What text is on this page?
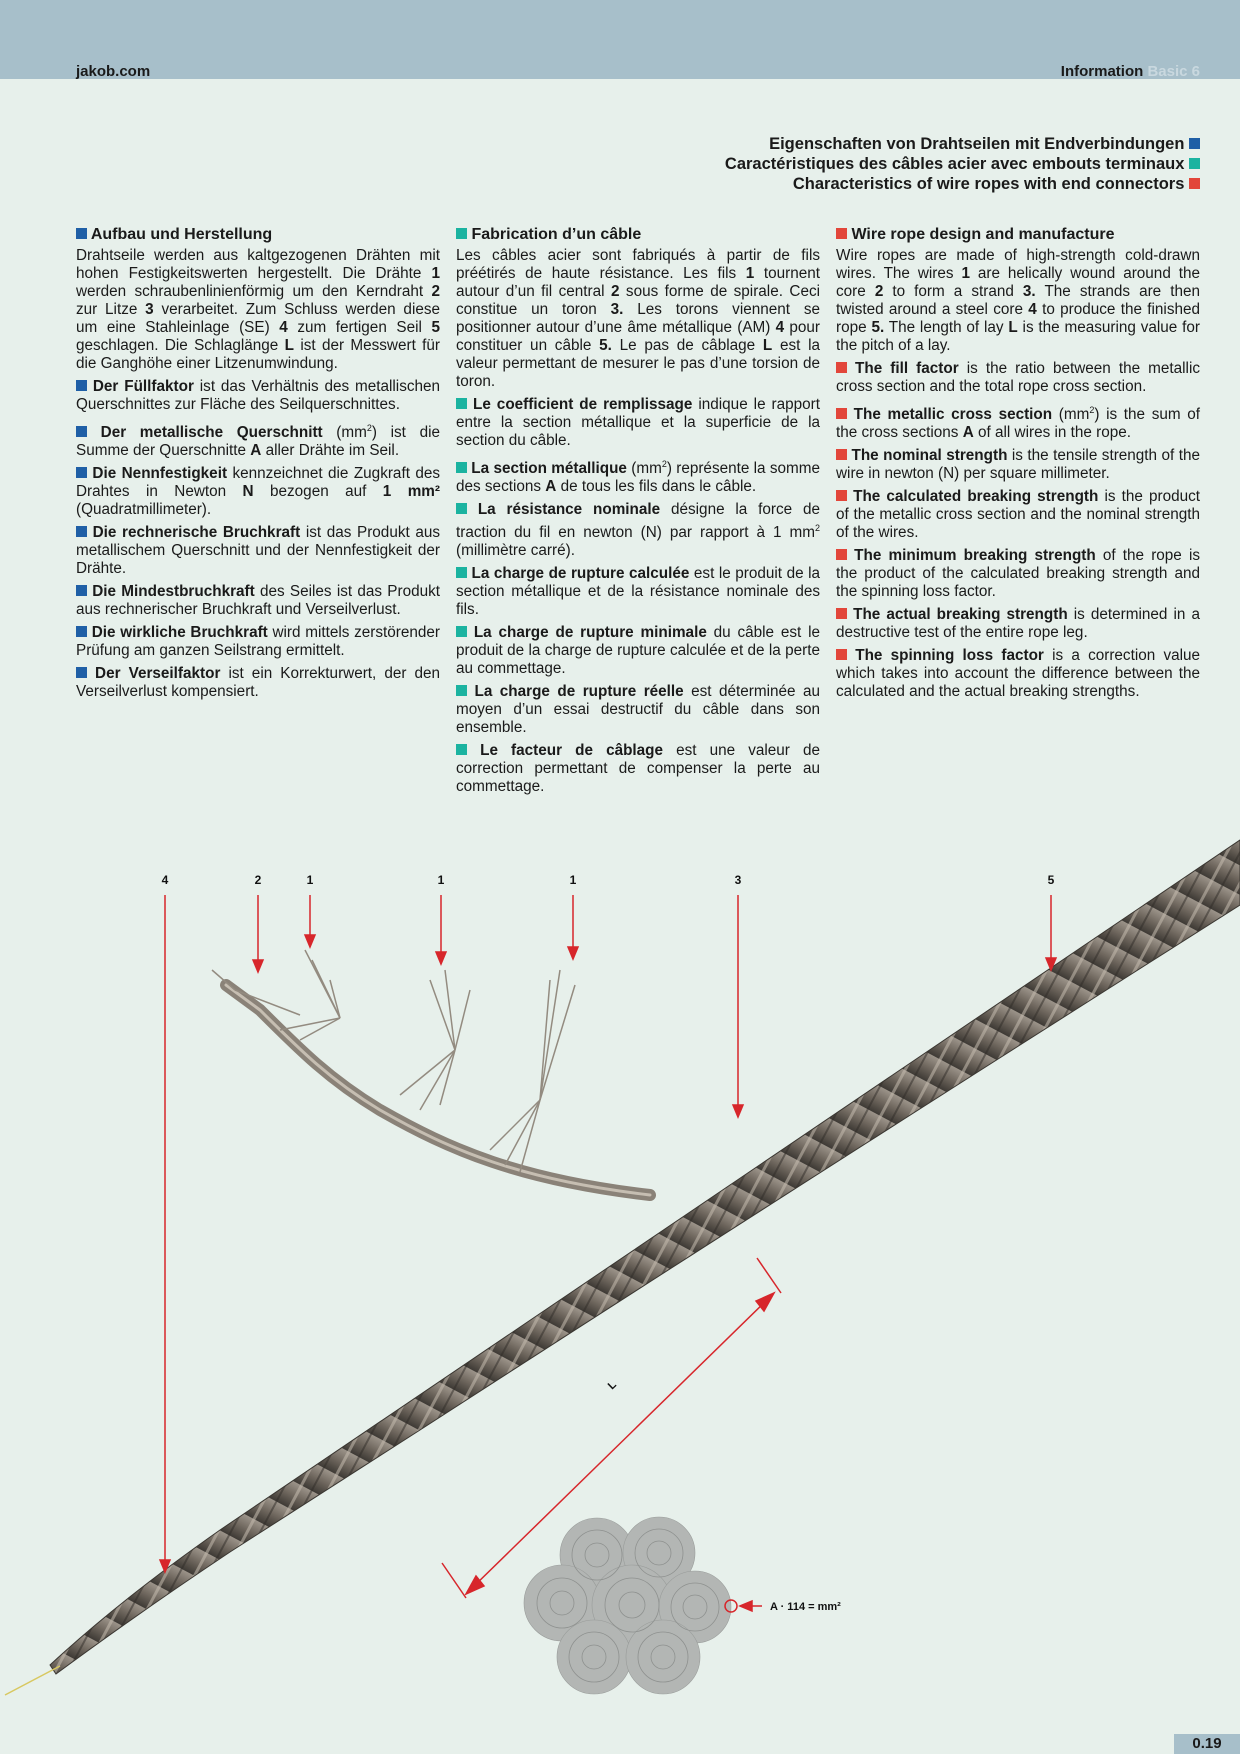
jakob.com	Information Basic 6
Eigenschaften von Drahtseilen mit Endverbindungen
Caractéristiques des câbles acier avec embouts terminaux
Characteristics of wire ropes with end connectors

Aufbau und Herstellung

Drahtseile werden aus kaltgezogenen Drähten mit hohen Festigkeitswerten hergestellt. Die Drähte 1 werden schraubenlinienförmig um den Kerndraht 2 zur Litze 3 verarbeitet. Zum Schluss werden diese um eine Stahleinlage (SE) 4 zum fertigen Seil 5 geschlagen. Die Schlaglänge L ist der Messwert für die Ganghöhe einer Litzenumwindung.

Der Füllfaktor ist das Verhältnis des metallischen Querschnittes zur Fläche des Seilquerschnittes.

Der metallische Querschnitt $(mm^2)$ ist die Summe der Querschnitte A aller Drähte im Seil.

Die Nennfestigkeit kennzeichnet die Zugkraft des Drahtes in Newton N bezogen auf 1 mm² (Quadratmillimeter).

Die rechnerische Bruchkraft ist das Produkt aus metallischem Querschnitt und der Nennfestigkeit der Drähte.

Die Mindestbruchkraft des Seiles ist das Produkt aus rechnerischer Bruchkraft und Verseilverlust.

Die wirkliche Bruchkraft wird mittels zerstörender Prüfung am ganzen Seilstrang ermittelt.

Der Verseilfaktor ist ein Korrekturwert, der den Verseilverlust kompensiert.

Fabrication d’un câble

Les câbles acier sont fabriqués à partir de fils préétirés de haute résistance. Les fils 1 tournent autour d’un fil central 2 sous forme de spirale. Ceci constitue un toron 3. Les torons viennent se positionner autour d’une âme métallique (AM) 4 pour constituer un câble 5. Le pas de câblage L est la valeur permettant de mesurer le pas d’une torsion de toron.

Le coefficient de remplissage indique le rapport entre la section métallique et la superficie de la section du câble.

La section métallique $(mm^2)$ représente la somme des sections A de tous les fils dans le câble.

La résistance nominale désigne la force de traction du fil en newton (N) par rapport à 1 $mm^2$ (millimètre carré).

La charge de rupture calculée est le produit de la section métallique et de la résistance nominale des fils.

La charge de rupture minimale du câble est le produit de la charge de rupture calculée et de la perte au commettage.

La charge de rupture réelle est déterminée au moyen d’un essai destructif du câble dans son ensemble.

Le facteur de câblage est une valeur de correction permettant de compenser la perte au commettage.

Wire rope design and manufacture

Wire ropes are made of high-strength cold-drawn wires. The wires 1 are helically wound around the core 2 to form a strand 3. The strands are then twisted around a steel core 4 to produce the finished rope 5. The length of lay L is the measuring value for the pitch of a lay.

The fill factor is the ratio between the metallic cross section and the total rope cross section.

The metallic cross section $(mm^2)$ is the sum of the cross sections A of all wires in the rope.

The nominal strength is the tensile strength of the wire in newton (N) per square millimeter.

The calculated breaking strength is the product of the metallic cross section and the nominal strength of the wires.

The minimum breaking strength of the rope is the product of the calculated breaking strength and the spinning loss factor.

The actual breaking strength is determined in a destructive test of the entire rope leg.

The spinning loss factor is a correction value which takes into account the difference between the calculated and the actual breaking strengths.

4	2	1	1	1	3	5
L
A · 114 = mm²
0.19
